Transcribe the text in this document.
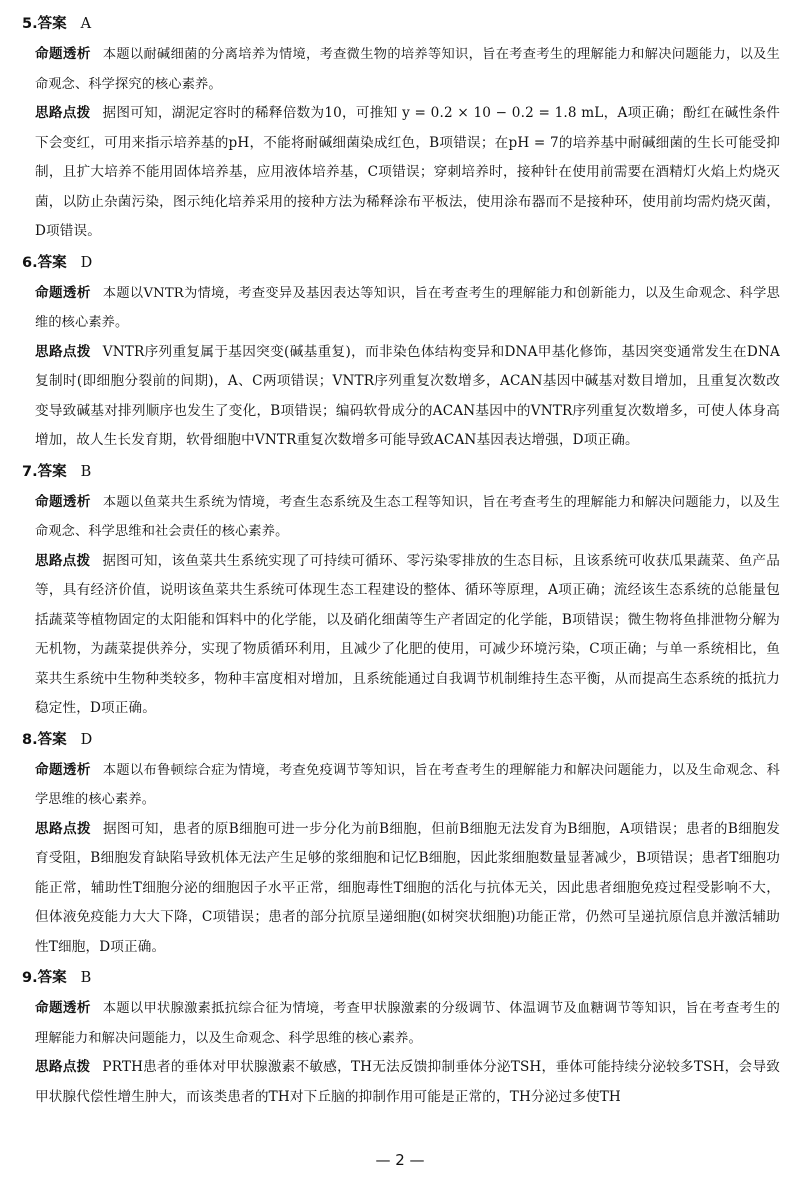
5.答案 A

命题透析 本题以耐碱细菌的分离培养为情境，考查微生物的培养等知识，旨在考查考生的理解能力和解决问题能力，以及生命观念、科学探究的核心素养。

思路点拨 据图可知，湖泥定容时的稀释倍数为10，可推知 y = 0.2 × 10 − 0.2 = 1.8 mL，A项正确；酚红在碱性条件下会变红，可用来指示培养基的pH，不能将耐碱细菌染成红色，B项错误；在pH = 7的培养基中耐碱细菌的生长可能受抑制，且扩大培养不能用固体培养基，应用液体培养基，C项错误；穿刺培养时，接种针在使用前需要在酒精灯火焰上灼烧灭菌，以防止杂菌污染，图示纯化培养采用的接种方法为稀释涂布平板法，使用涂布器而不是接种环，使用前均需灼烧灭菌，D项错误。

6.答案 D

命题透析 本题以VNTR为情境，考查变异及基因表达等知识，旨在考查考生的理解能力和创新能力，以及生命观念、科学思维的核心素养。

思路点拨 VNTR序列重复属于基因突变(碱基重复)，而非染色体结构变异和DNA甲基化修饰，基因突变通常发生在DNA复制时(即细胞分裂前的间期)，A、C两项错误；VNTR序列重复次数增多，ACAN基因中碱基对数目增加，且重复次数改变导致碱基对排列顺序也发生了变化，B项错误；编码软骨成分的ACAN基因中的VNTR序列重复次数增多，可使人体身高增加，故人生长发育期，软骨细胞中VNTR重复次数增多可能导致ACAN基因表达增强，D项正确。

7.答案 B

命题透析 本题以鱼菜共生系统为情境，考查生态系统及生态工程等知识，旨在考查考生的理解能力和解决问题能力，以及生命观念、科学思维和社会责任的核心素养。

思路点拨 据图可知，该鱼菜共生系统实现了可持续可循环、零污染零排放的生态目标，且该系统可收获瓜果蔬菜、鱼产品等，具有经济价值，说明该鱼菜共生系统可体现生态工程建设的整体、循环等原理，A项正确；流经该生态系统的总能量包括蔬菜等植物固定的太阳能和饵料中的化学能，以及硝化细菌等生产者固定的化学能，B项错误；微生物将鱼排泄物分解为无机物，为蔬菜提供养分，实现了物质循环利用，且减少了化肥的使用，可减少环境污染，C项正确；与单一系统相比，鱼菜共生系统中生物种类较多，物种丰富度相对增加，且系统能通过自我调节机制维持生态平衡，从而提高生态系统的抵抗力稳定性，D项正确。

8.答案 D

命题透析 本题以布鲁顿综合症为情境，考查免疫调节等知识，旨在考查考生的理解能力和解决问题能力，以及生命观念、科学思维的核心素养。

思路点拨 据图可知，患者的原B细胞可进一步分化为前B细胞，但前B细胞无法发育为B细胞，A项错误；患者的B细胞发育受阻，B细胞发育缺陷导致机体无法产生足够的浆细胞和记忆B细胞，因此浆细胞数量显著减少，B项错误；患者T细胞功能正常，辅助性T细胞分泌的细胞因子水平正常，细胞毒性T细胞的活化与抗体无关，因此患者细胞免疫过程受影响不大，但体液免疫能力大大下降，C项错误；患者的部分抗原呈递细胞(如树突状细胞)功能正常，仍然可呈递抗原信息并激活辅助性T细胞，D项正确。

9.答案 B

命题透析 本题以甲状腺激素抵抗综合征为情境，考查甲状腺激素的分级调节、体温调节及血糖调节等知识，旨在考查考生的理解能力和解决问题能力，以及生命观念、科学思维的核心素养。

思路点拨 PRTH患者的垂体对甲状腺激素不敏感，TH无法反馈抑制垂体分泌TSH，垂体可能持续分泌较多TSH，会导致甲状腺代偿性增生肿大，而该类患者的TH对下丘脑的抑制作用可能是正常的，TH分泌过多使TH

— 2 —
